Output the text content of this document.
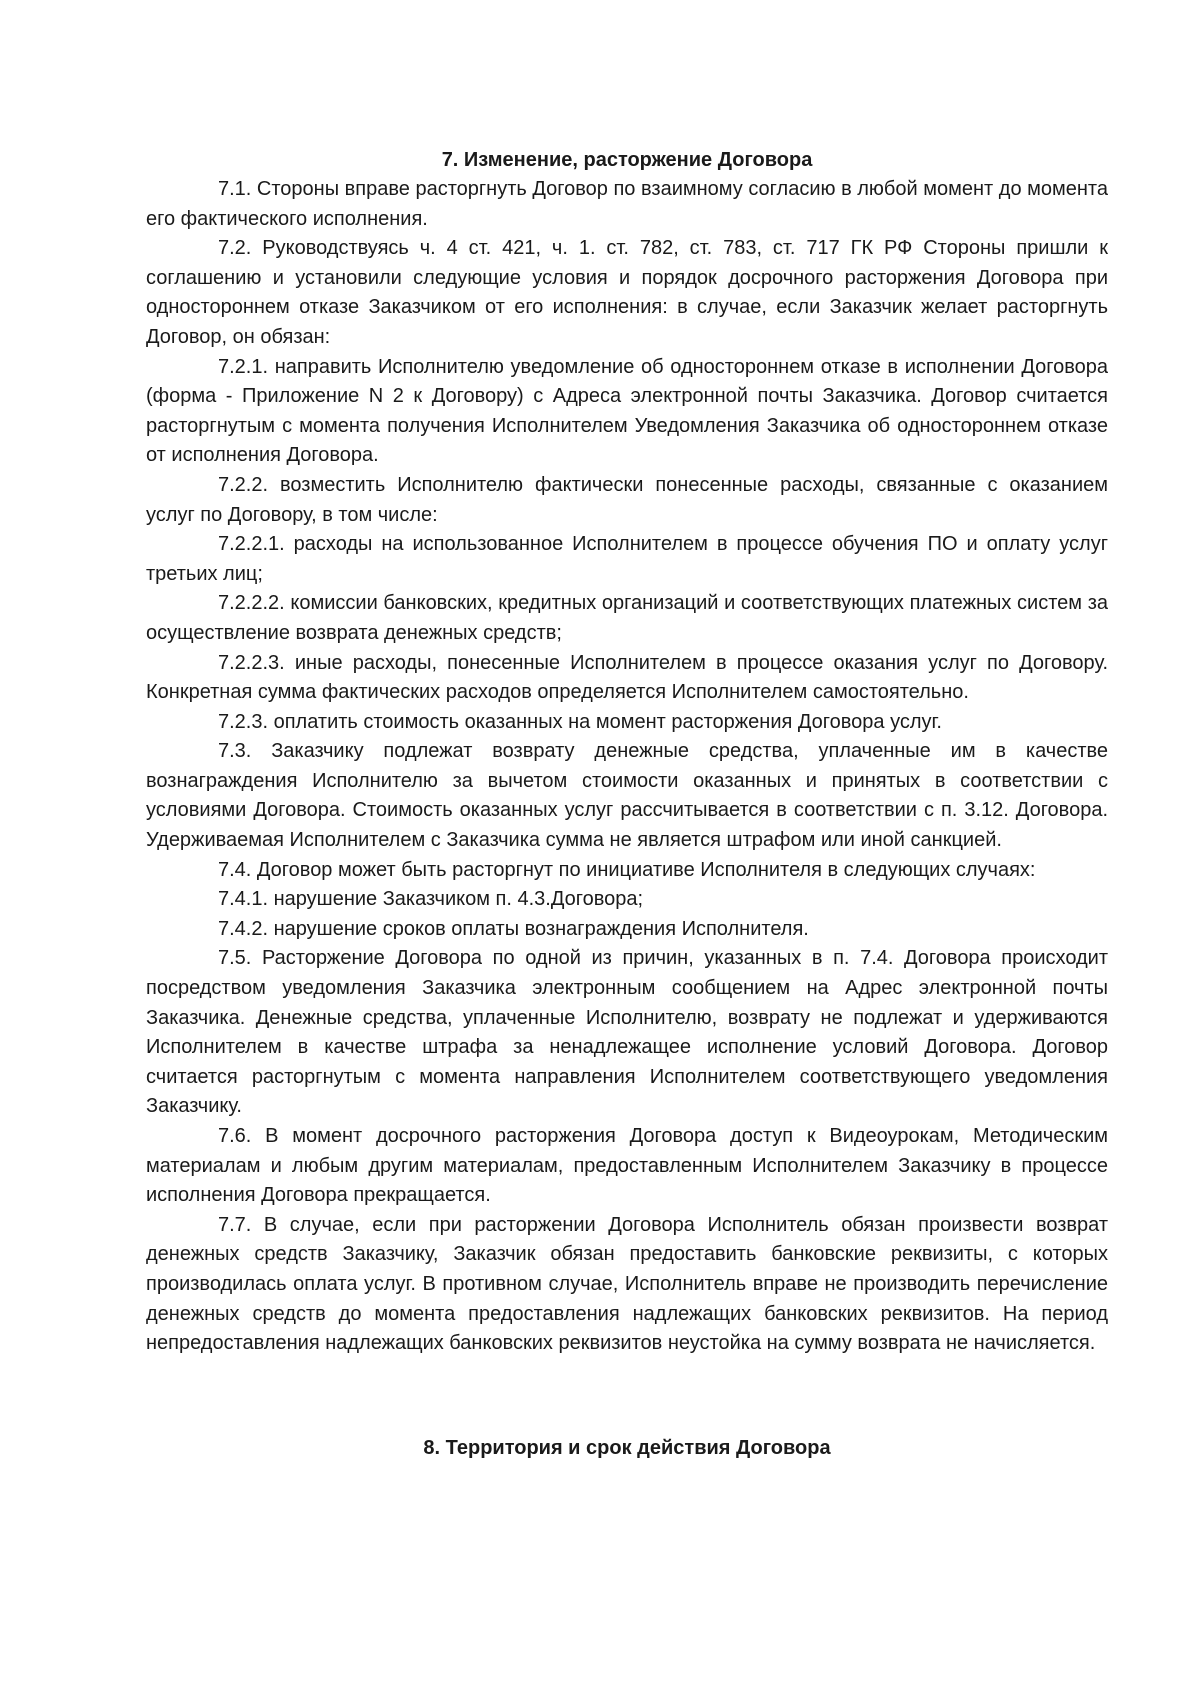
7. Изменение, расторжение Договора

7.1. Стороны вправе расторгнуть Договор по взаимному согласию в любой момент до момента его фактического исполнения.

7.2. Руководствуясь ч. 4 ст. 421, ч. 1. ст. 782, ст. 783, ст. 717 ГК РФ Стороны пришли к соглашению и установили следующие условия и порядок досрочного расторжения Договора при одностороннем отказе Заказчиком от его исполнения: в случае, если Заказчик желает расторгнуть Договор, он обязан:

7.2.1. направить Исполнителю уведомление об одностороннем отказе в исполнении Договора (форма - Приложение N 2 к Договору) с Адреса электронной почты Заказчика. Договор считается расторгнутым с момента получения Исполнителем Уведомления Заказчика об одностороннем отказе от исполнения Договора.

7.2.2. возместить Исполнителю фактически понесенные расходы, связанные с оказанием услуг по Договору, в том числе:

7.2.2.1. расходы на использованное Исполнителем в процессе обучения ПО и оплату услуг третьих лиц;

7.2.2.2. комиссии банковских, кредитных организаций и соответствующих платежных систем за осуществление возврата денежных средств;

7.2.2.3. иные расходы, понесенные Исполнителем в процессе оказания услуг по Договору. Конкретная сумма фактических расходов определяется Исполнителем самостоятельно.

7.2.3. оплатить стоимость оказанных на момент расторжения Договора услуг.

7.3. Заказчику подлежат возврату денежные средства, уплаченные им в качестве вознаграждения Исполнителю за вычетом стоимости оказанных и принятых в соответствии с условиями Договора. Стоимость оказанных услуг рассчитывается в соответствии с п. 3.12. Договора. Удерживаемая Исполнителем с Заказчика сумма не является штрафом или иной санкцией.

7.4. Договор может быть расторгнут по инициативе Исполнителя в следующих случаях:

7.4.1. нарушение Заказчиком п. 4.3.Договора;

7.4.2. нарушение сроков оплаты вознаграждения Исполнителя.

7.5. Расторжение Договора по одной из причин, указанных в п. 7.4. Договора происходит посредством уведомления Заказчика электронным сообщением на Адрес электронной почты Заказчика. Денежные средства, уплаченные Исполнителю, возврату не подлежат и удерживаются Исполнителем в качестве штрафа за ненадлежащее исполнение условий Договора. Договор считается расторгнутым с момента направления Исполнителем соответствующего уведомления Заказчику.

7.6. В момент досрочного расторжения Договора доступ к Видеоурокам, Методическим материалам и любым другим материалам, предоставленным Исполнителем Заказчику в процессе исполнения Договора прекращается.

7.7. В случае, если при расторжении Договора Исполнитель обязан произвести возврат денежных средств Заказчику, Заказчик обязан предоставить банковские реквизиты, с которых производилась оплата услуг. В противном случае, Исполнитель вправе не производить перечисление денежных средств до момента предоставления надлежащих банковских реквизитов. На период непредоставления надлежащих банковских реквизитов неустойка на сумму возврата не начисляется.

8. Территория и срок действия Договора
